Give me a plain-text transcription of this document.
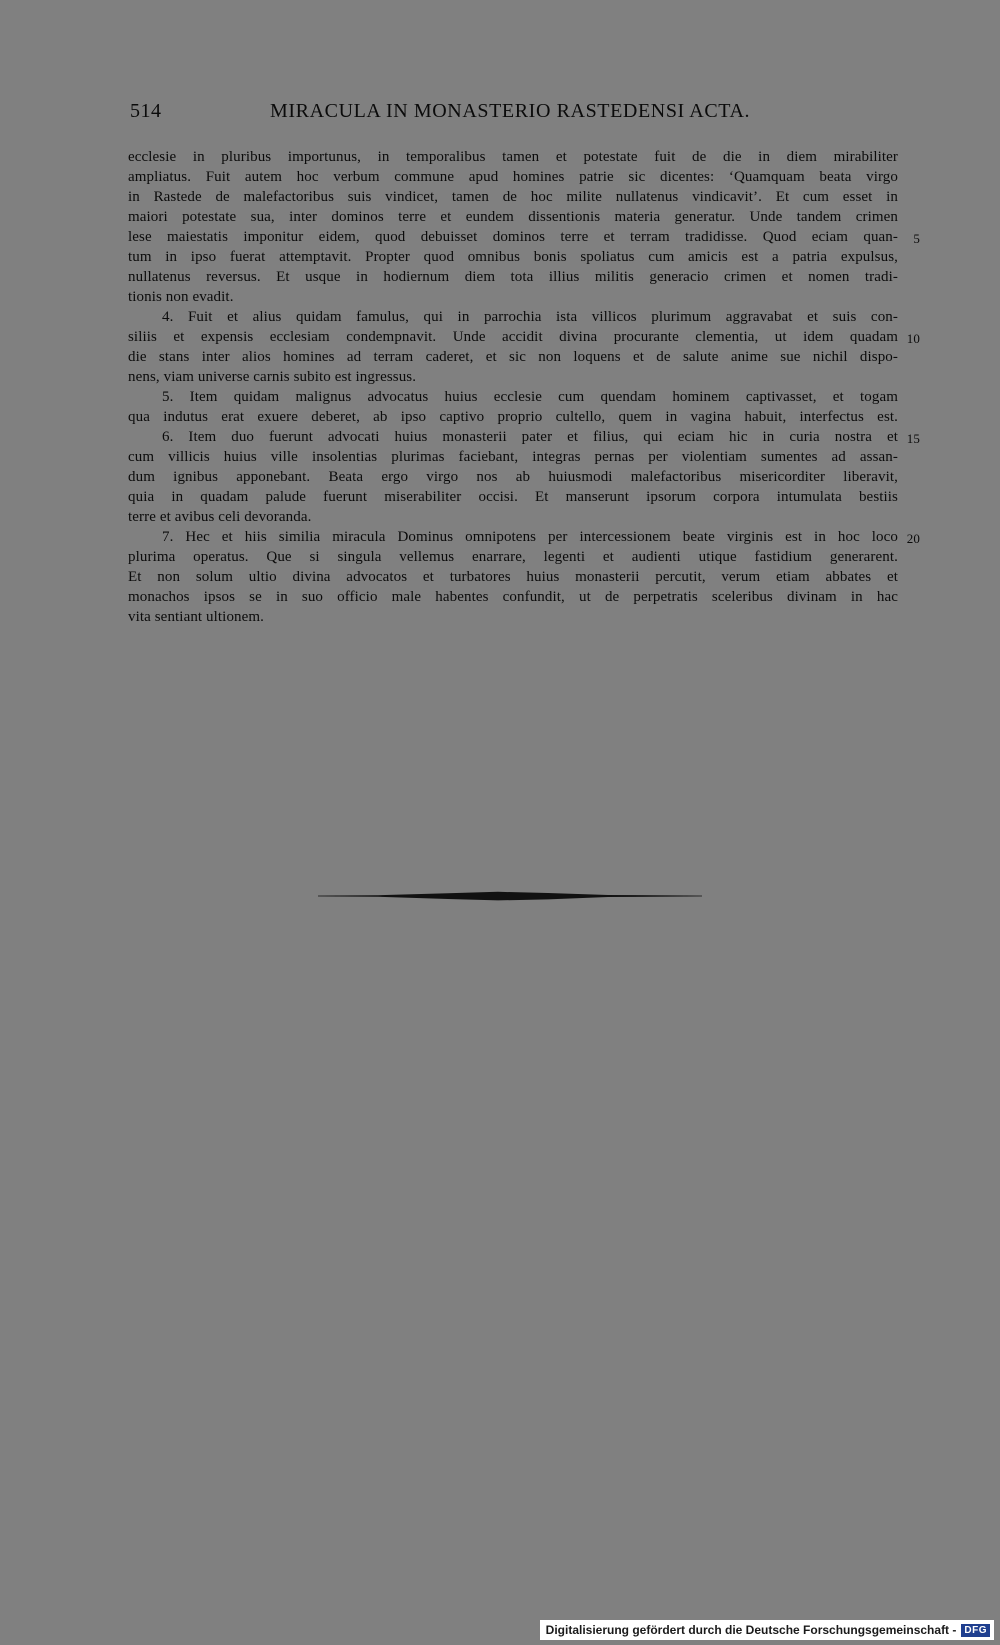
514	MIRACULA IN MONASTERIO RASTEDENSI ACTA.
ecclesie in pluribus importunus, in temporalibus tamen et potestate fuit de die in diem mirabiliter
ampliatus. Fuit autem hoc verbum commune apud homines patrie sic dicentes: ‘Quamquam beata virgo
in Rastede de malefactoribus suis vindicet, tamen de hoc milite nullatenus vindicavit’. Et cum esset in
maiori potestate sua, inter dominos terre et eundem dissentionis materia generatur. Unde tandem crimen
lese maiestatis imponitur eidem, quod debuisset dominos terre et terram tradidisse. Quod eciam quan- 5
tum in ipso fuerat attemptavit. Propter quod omnibus bonis spoliatus cum amicis est a patria expulsus,
nullatenus reversus. Et usque in hodiernum diem tota illius militis generacio crimen et nomen tradi-
tionis non evadit.
4. Fuit et alius quidam famulus, qui in parrochia ista villicos plurimum aggravabat et suis con-
siliis et expensis ecclesiam condempnavit. Unde accidit divina procurante clementia, ut idem quadam 10
die stans inter alios homines ad terram caderet, et sic non loquens et de salute anime sue nichil dispo-
nens, viam universe carnis subito est ingressus.
5. Item quidam malignus advocatus huius ecclesie cum quendam hominem captivasset, et togam
qua indutus erat exuere deberet, ab ipso captivo proprio cultello, quem in vagina habuit, interfectus est.
6. Item duo fuerunt advocati huius monasterii pater et filius, qui eciam hic in curia nostra et 15
cum villicis huius ville insolentias plurimas faciebant, integras pernas per violentiam sumentes ad assan-
dum ignibus apponebant. Beata ergo virgo nos ab huiusmodi malefactoribus misericorditer liberavit,
quia in quadam palude fuerunt miserabiliter occisi. Et manserunt ipsorum corpora intumulata bestiis
terre et avibus celi devoranda.
7. Hec et hiis similia miracula Dominus omnipotens per intercessionem beate virginis est in hoc loco 20
plurima operatus. Que si singula vellemus enarrare, legenti et audienti utique fastidium generarent.
Et non solum ultio divina advocatos et turbatores huius monasterii percutit, verum etiam abbates et
monachos ipsos se in suo officio male habentes confundit, ut de perpetratis sceleribus divinam in hac
vita sentiant ultionem.
Digitalisierung gefördert durch die Deutsche Forschungsgemeinschaft - DFG
